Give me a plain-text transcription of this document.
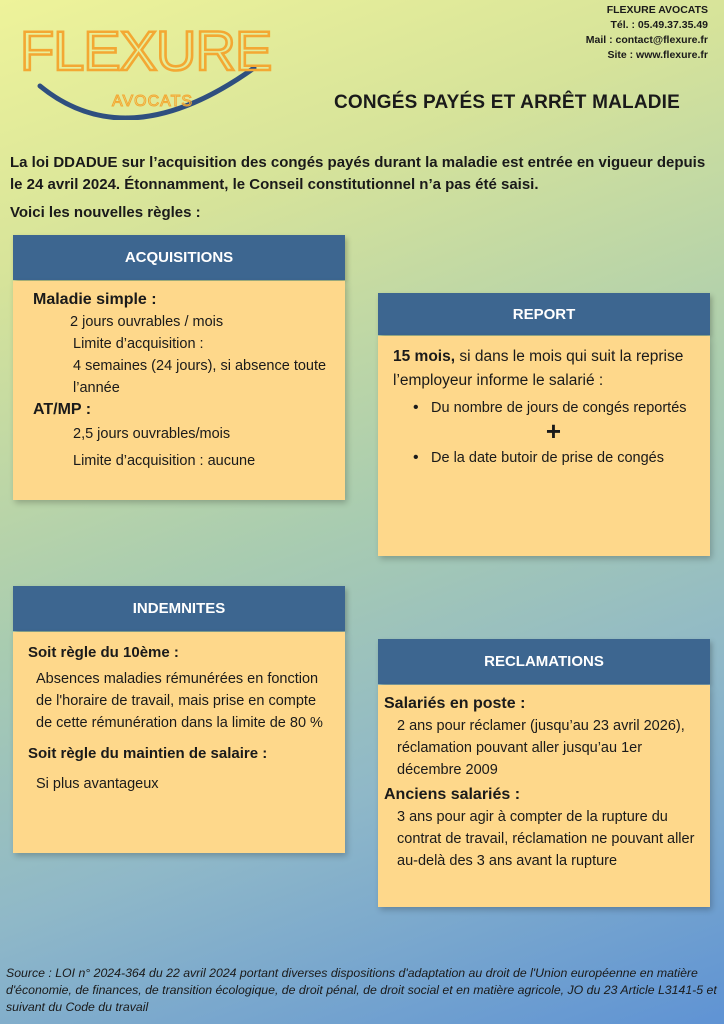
FLEXURE
AVOCATS
FLEXURE AVOCATS
Tél. : 05.49.37.35.49
Mail : contact@flexure.fr
Site : www.flexure.fr
CONGÉS PAYÉS ET ARRÊT MALADIE
La loi DDADUE sur l’acquisition des congés payés durant la maladie est entrée en vigueur depuis le 24 avril 2024. Étonnamment, le Conseil constitutionnel n’a pas été saisi.
Voici les nouvelles règles :
ACQUISITIONS
Maladie simple :
2 jours ouvrables / mois
Limite d’acquisition :
4 semaines (24 jours), si absence toute l’année
AT/MP :
2,5 jours ouvrables/mois
Limite d’acquisition : aucune
REPORT
15 mois, si dans le mois qui suit la reprise l’employeur informe le salarié :
• Du nombre de jours de congés reportés
+
• De la date butoir de prise de congés
INDEMNITES
Soit règle du 10ème :
Absences maladies rémunérées en fonction de l'horaire de travail, mais prise en compte de cette rémunération dans la limite de 80 %
Soit règle du maintien de salaire :
Si plus avantageux
RECLAMATIONS
Salariés en poste :
2 ans pour réclamer (jusqu’au 23 avril 2026), réclamation pouvant aller jusqu’au 1er décembre 2009
Anciens salariés :
3 ans pour agir à compter de la rupture du contrat de travail, réclamation ne pouvant aller au-delà des 3 ans avant la rupture
Source : LOI n° 2024-364 du 22 avril 2024 portant diverses dispositions d'adaptation au droit de l'Union européenne en matière d'économie, de finances, de transition écologique, de droit pénal, de droit social et en matière agricole, JO du 23 Article L3141-5 et suivant du Code du travail
